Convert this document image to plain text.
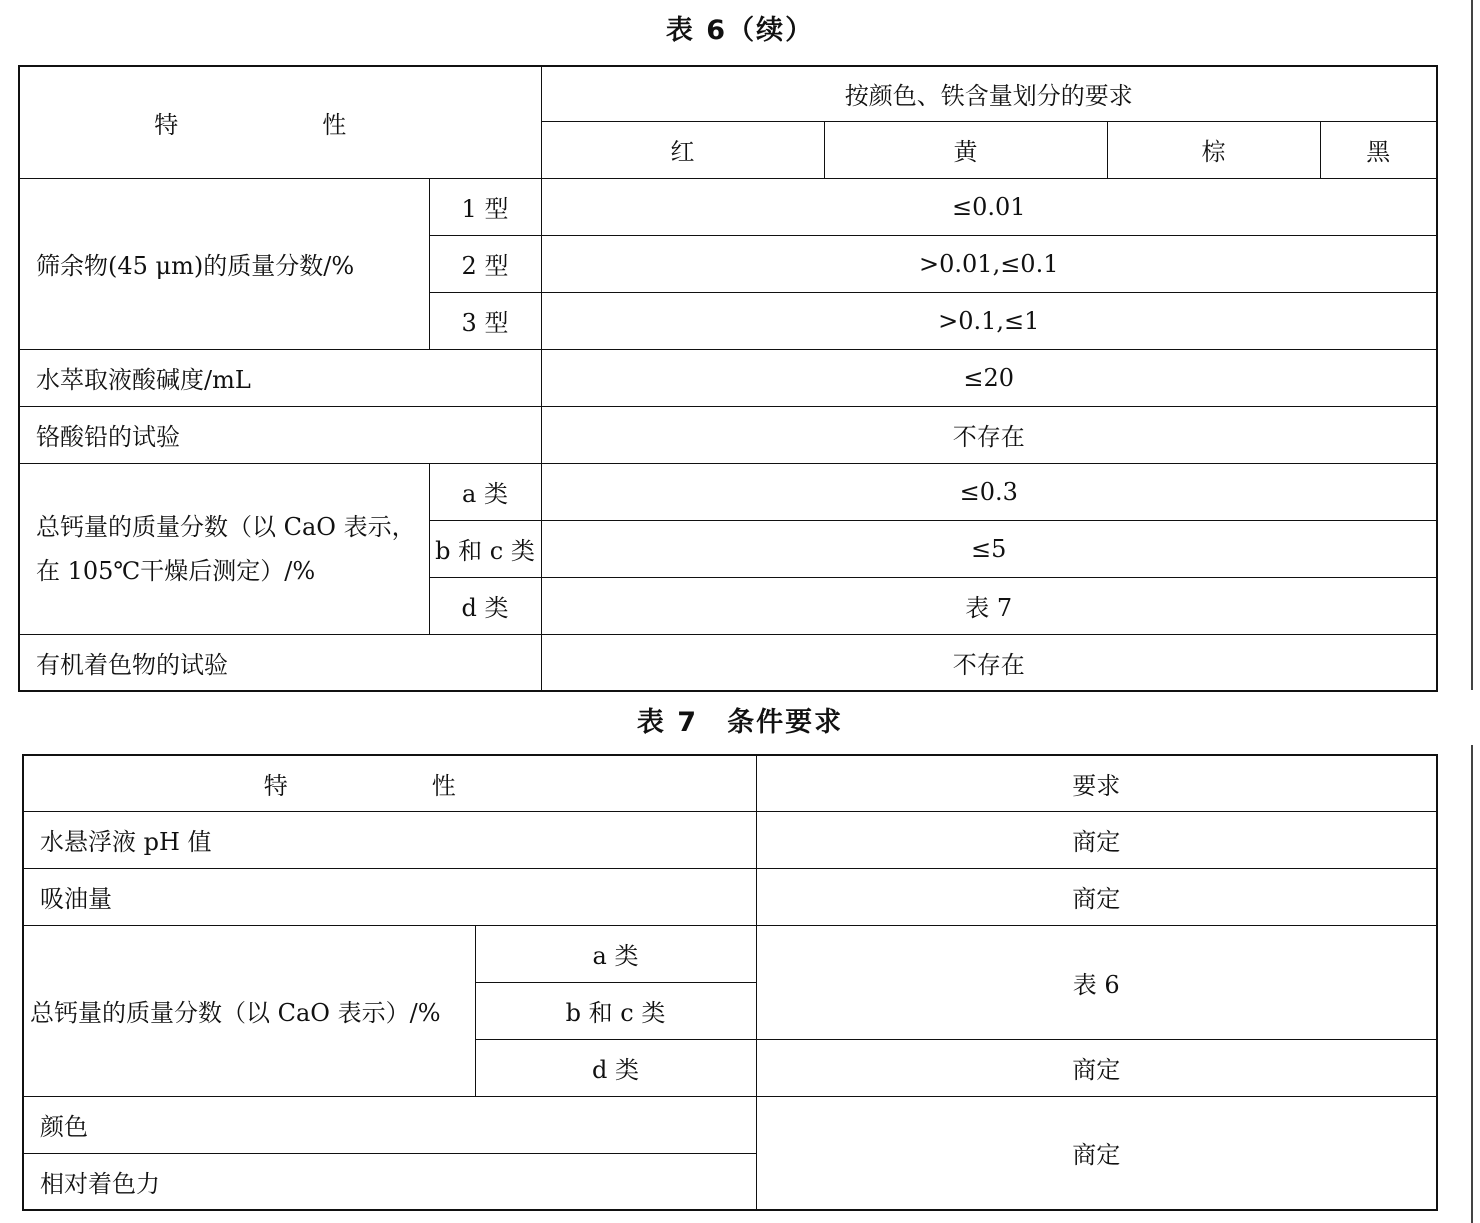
表 6（续）
特　性		按颜色、铁含量划分的要求			
		红	黄	棕	黑
筛余物(45 μm)的质量分数/%	1 型	≤0.01			
	2 型	>0.01,≤0.1			
	3 型	>0.1,≤1			
水萃取液酸碱度/mL		≤20			
铬酸铅的试验		不存在			
总钙量的质量分数（以 CaO 表示，在 105℃干燥后测定）/%	a 类	≤0.3			
	b 和 c 类	≤5			
	d 类	表 7			
有机着色物的试验		不存在			
表 7　条件要求
特　性		要求
水悬浮液 pH 值		商定
吸油量		商定
总钙量的质量分数（以 CaO 表示）/%	a 类	表 6
	b 和 c 类	
	d 类	商定
颜色		商定
相对着色力		
